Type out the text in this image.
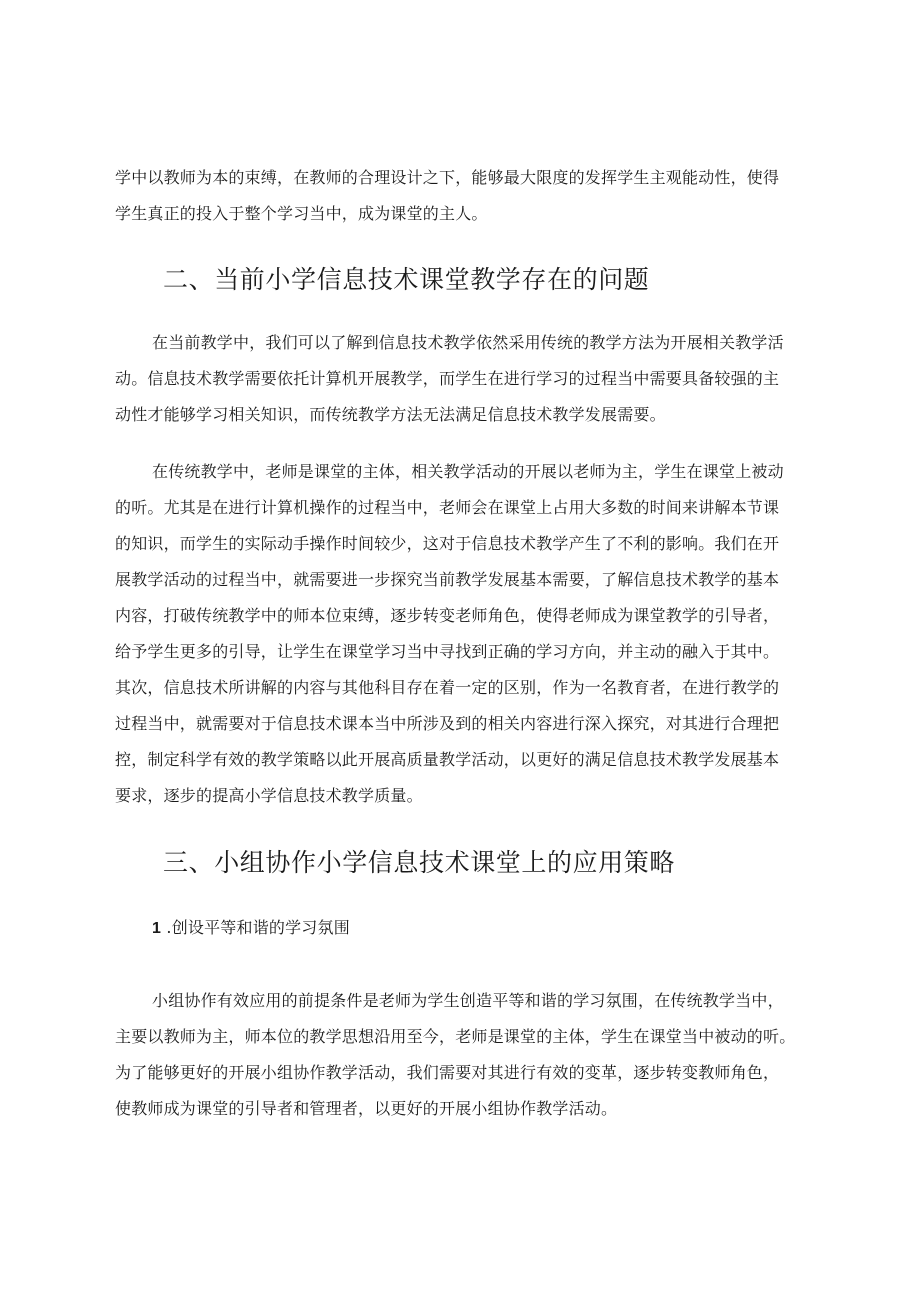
学中以教师为本的束缚，在教师的合理设计之下，能够最大限度的发挥学生主观能动性，使得
学生真正的投入于整个学习当中，成为课堂的主人。
二、当前小学信息技术课堂教学存在的问题
在当前教学中，我们可以了解到信息技术教学依然采用传统的教学方法为开展相关教学活
动。信息技术教学需要依托计算机开展教学，而学生在进行学习的过程当中需要具备较强的主
动性才能够学习相关知识，而传统教学方法无法满足信息技术教学发展需要。
在传统教学中，老师是课堂的主体，相关教学活动的开展以老师为主，学生在课堂上被动
的听。尤其是在进行计算机操作的过程当中，老师会在课堂上占用大多数的时间来讲解本节课
的知识，而学生的实际动手操作时间较少，这对于信息技术教学产生了不利的影响。我们在开
展教学活动的过程当中，就需要进一步探究当前教学发展基本需要，了解信息技术教学的基本
内容，打破传统教学中的师本位束缚，逐步转变老师角色，使得老师成为课堂教学的引导者，
给予学生更多的引导，让学生在课堂学习当中寻找到正确的学习方向，并主动的融入于其中。
其次，信息技术所讲解的内容与其他科目存在着一定的区别，作为一名教育者，在进行教学的
过程当中，就需要对于信息技术课本当中所涉及到的相关内容进行深入探究，对其进行合理把
控，制定科学有效的教学策略以此开展高质量教学活动，以更好的满足信息技术教学发展基本
要求，逐步的提高小学信息技术教学质量。
三、小组协作小学信息技术课堂上的应用策略
1 .创设平等和谐的学习氛围
小组协作有效应用的前提条件是老师为学生创造平等和谐的学习氛围，在传统教学当中，
主要以教师为主，师本位的教学思想沿用至今，老师是课堂的主体，学生在课堂当中被动的听。
为了能够更好的开展小组协作教学活动，我们需要对其进行有效的变革，逐步转变教师角色，
使教师成为课堂的引导者和管理者，以更好的开展小组协作教学活动。
